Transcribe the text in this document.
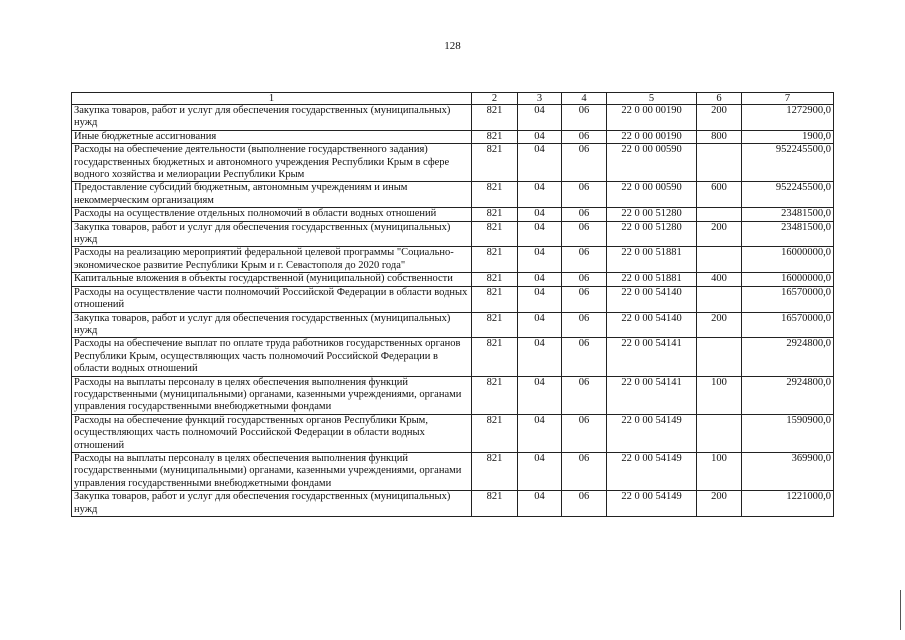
128
1	2	3	4	5	6	7
Закупка товаров, работ и услуг для обеспечения государственных (муниципальных) нужд	821	04	06	22 0 00 00190	200	1272900,0
Иные бюджетные ассигнования	821	04	06	22 0 00 00190	800	1900,0
Расходы на обеспечение деятельности (выполнение государственного задания) государственных бюджетных и автономного учреждения Республики Крым в сфере водного хозяйства и мелиорации Республики Крым	821	04	06	22 0 00 00590		952245500,0
Предоставление субсидий бюджетным, автономным учреждениям и иным некоммерческим организациям	821	04	06	22 0 00 00590	600	952245500,0
Расходы на осуществление отдельных полномочий в области водных отношений	821	04	06	22 0 00 51280		23481500,0
Закупка товаров, работ и услуг для обеспечения государственных (муниципальных) нужд	821	04	06	22 0 00 51280	200	23481500,0
Расходы на реализацию мероприятий федеральной целевой программы "Социально-экономическое развитие Республики Крым и г. Севастополя до 2020 года"	821	04	06	22 0 00 51881		16000000,0
Капитальные вложения в объекты государственной (муниципальной) собственности	821	04	06	22 0 00 51881	400	16000000,0
Расходы на осуществление части полномочий Российской Федерации в области водных отношений	821	04	06	22 0 00 54140		16570000,0
Закупка товаров, работ и услуг для обеспечения государственных (муниципальных) нужд	821	04	06	22 0 00 54140	200	16570000,0
Расходы на обеспечение выплат по оплате труда работников государственных органов Республики Крым, осуществляющих часть полномочий Российской Федерации в области водных отношений	821	04	06	22 0 00 54141		2924800,0
Расходы на выплаты персоналу в целях обеспечения выполнения функций государственными (муниципальными) органами, казенными учреждениями, органами управления государственными внебюджетными фондами	821	04	06	22 0 00 54141	100	2924800,0
Расходы на обеспечение функций государственных органов Республики Крым, осуществляющих часть полномочий Российской Федерации в области водных отношений	821	04	06	22 0 00 54149		1590900,0
Расходы на выплаты персоналу в целях обеспечения выполнения функций государственными (муниципальными) органами, казенными учреждениями, органами управления государственными внебюджетными фондами	821	04	06	22 0 00 54149	100	369900,0
Закупка товаров, работ и услуг для обеспечения государственных (муниципальных) нужд	821	04	06	22 0 00 54149	200	1221000,0
